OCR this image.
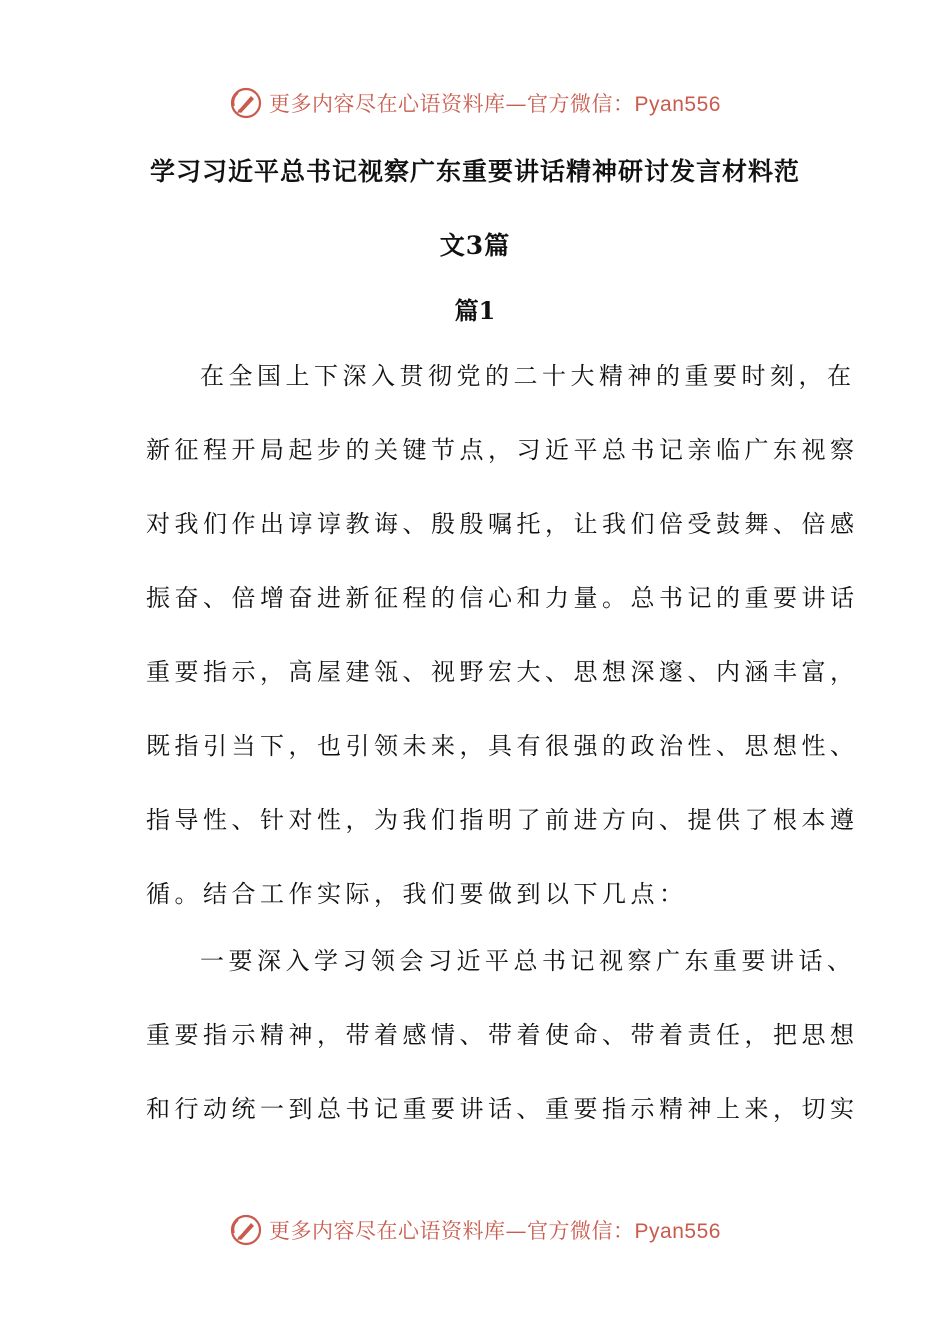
更多内容尽在心语资料库—官方微信：Pyan556
学习习近平总书记视察广东重要讲话精神研讨发言材料范
文3篇
篇1
在全国上下深入贯彻党的二十大精神的重要时刻，在
新征程开局起步的关键节点，习近平总书记亲临广东视察
对我们作出谆谆教诲、殷殷嘱托，让我们倍受鼓舞、倍感
振奋、倍增奋进新征程的信心和力量。总书记的重要讲话
重要指示，高屋建瓴、视野宏大、思想深邃、内涵丰富，
既指引当下，也引领未来，具有很强的政治性、思想性、
指导性、针对性，为我们指明了前进方向、提供了根本遵
循。结合工作实际，我们要做到以下几点：
一要深入学习领会习近平总书记视察广东重要讲话、
重要指示精神，带着感情、带着使命、带着责任，把思想
和行动统一到总书记重要讲话、重要指示精神上来，切实
更多内容尽在心语资料库—官方微信：Pyan556
